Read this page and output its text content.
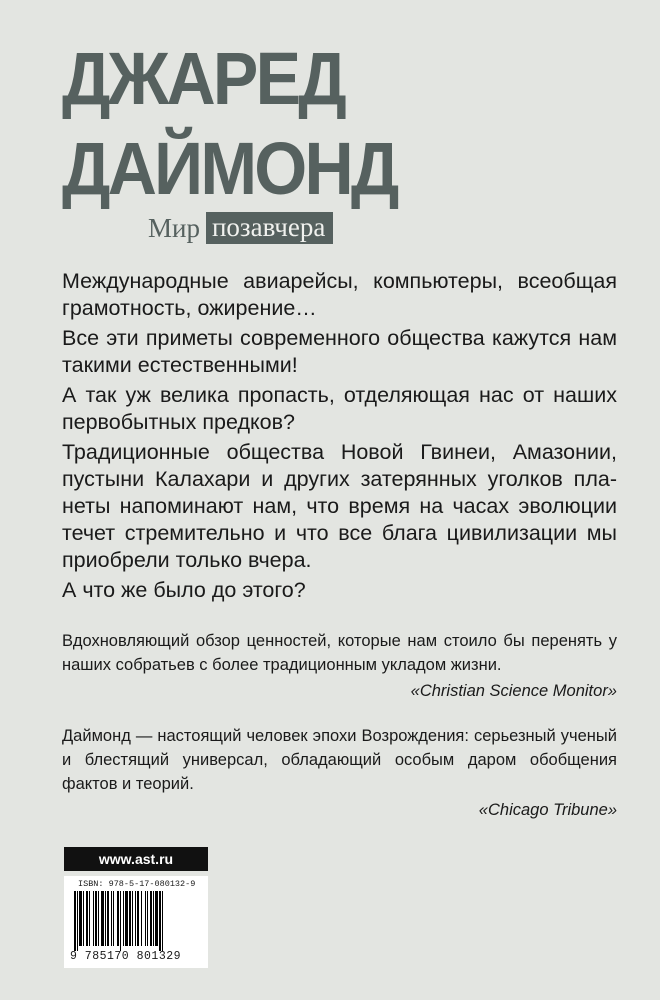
ДЖАРЕД
ДАЙМОНД
Мир позавчера

Международные авиарейсы, компьютеры, всеобщая грамотность, ожирение…

Все эти приметы современного общества кажутся нам такими естественными!

А так уж велика пропасть, отделяющая нас от наших первобытных предков?

Традиционные общества Новой Гвинеи, Амазонии, пустыни Калахари и других затерянных уголков планеты напоминают нам, что время на часах эволюции течет стремительно и что все блага цивилизации мы приобрели только вчера.

А что же было до этого?

Вдохновляющий обзор ценностей, которые нам стоило бы перенять у наших собратьев с более традиционным укладом жизни.

«Christian Science Monitor»

Даймонд — настоящий человек эпохи Возрождения: серьезный ученый и блестящий универсал, обладающий особым даром обобщения фактов и теорий.

«Chicago Tribune»

www.ast.ru
ISBN: 978-5-17-080132-9
9 785170 801329
